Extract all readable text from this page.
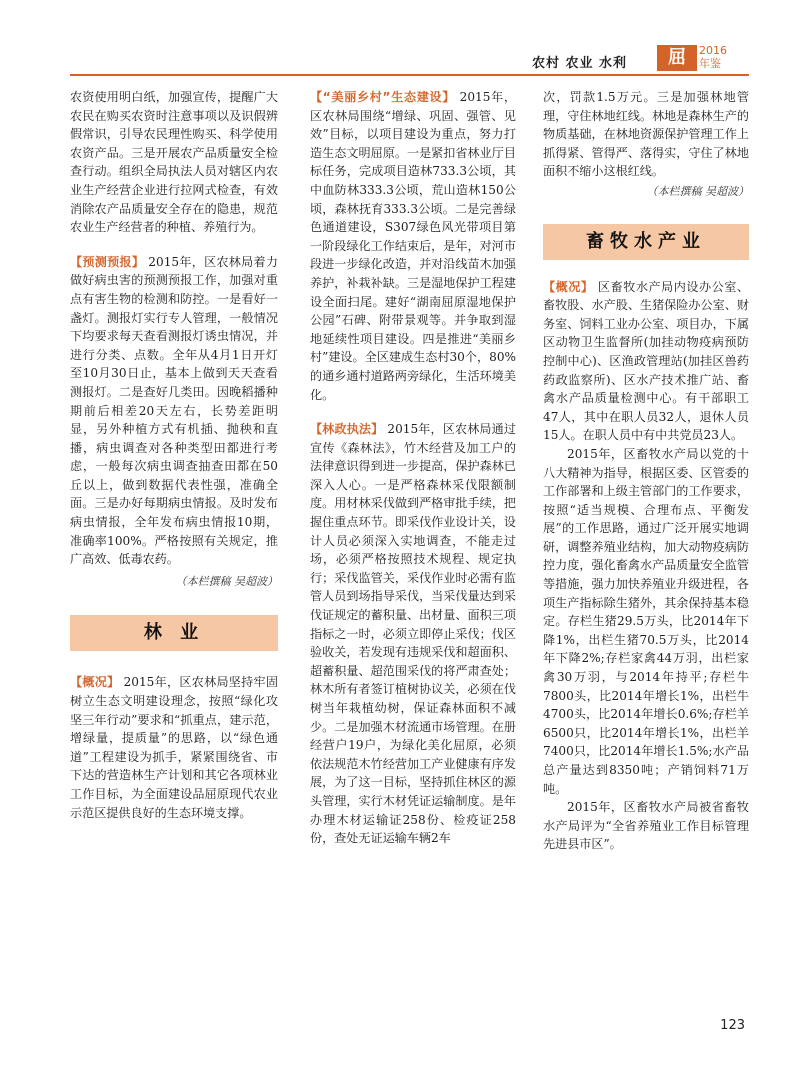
农村 农业 水利	屈	2016
年鉴

农资使用明白纸，加强宣传，提醒广大农民在购买农资时注意事项以及识假辨假常识，引导农民理性购买、科学使用农资产品。三是开展农产品质量安全检查行动。组织全局执法人员对辖区内农业生产经营企业进行拉网式检查，有效消除农产品质量安全存在的隐患，规范农业生产经营者的种植、养殖行为。

【预测预报】 2015年，区农林局着力做好病虫害的预测预报工作，加强对重点有害生物的检测和防控。一是看好一盏灯。测报灯实行专人管理，一般情况下均要求每天查看测报灯诱虫情况，并进行分类、点数。全年从4月1日开灯至10月30日止，基本上做到天天查看测报灯。二是查好几类田。因晚稻播种期前后相差20天左右，长势差距明显，另外种植方式有机插、抛秧和直播，病虫调查对各种类型田都进行考虑，一般每次病虫调查抽查田都在50丘以上，做到数据代表性强，准确全面。三是办好每期病虫情报。及时发布病虫情报，全年发布病虫情报10期，准确率100%。严格按照有关规定，推广高效、低毒农药。

（本栏撰稿 吴超波）

林 业

【概况】 2015年，区农林局坚持牢固树立生态文明建设理念，按照“绿化攻坚三年行动”要求和“抓重点，建示范，增绿量，提质量”的思路，以“绿色通道”工程建设为抓手，紧紧围绕省、市下达的营造林生产计划和其它各项林业工作目标，为全面建设品屈原现代农业示范区提供良好的生态环境支撑。

【“美丽乡村”生态建设】 2015年，区农林局围绕“增绿、巩固、强管、见效”目标，以项目建设为重点，努力打造生态文明屈原。一是紧扣省林业厅目标任务，完成项目造林733.3公顷，其中血防林333.3公顷，荒山造林150公顷，森林抚育333.3公顷。二是完善绿色通道建设，S307绿色风光带项目第一阶段绿化工作结束后，是年，对河市段进一步绿化改造，并对沿线苗木加强养护，补栽补缺。三是湿地保护工程建设全面扫尾。建好“湖南屈原湿地保护公园”石碑、附带景观等。并争取到湿地延续性项目建设。四是推进“美丽乡村”建设。全区建成生态村30个，80%的通乡通村道路两旁绿化，生活环境美化。

【林政执法】 2015年，区农林局通过宣传《森林法》，竹木经营及加工户的法律意识得到进一步提高，保护森林已深入人心。一是严格森林采伐限额制度。用材林采伐做到严格审批手续，把握住重点环节。即采伐作业设计关，设计人员必须深入实地调查，不能走过场，必须严格按照技术规程、规定执行；采伐监管关，采伐作业时必需有监管人员到场指导采伐，当采伐量达到采伐证规定的蓄积量、出材量、面积三项指标之一时，必须立即停止采伐；伐区验收关，若发现有违规采伐和超面积、超蓄积量、超范围采伐的将严肃查处；林木所有者签订植树协议关，必须在伐树当年栽植幼树，保证森林面积不减少。二是加强木材流通市场管理。在册经营户19户，为绿化美化屈原，必须依法规范木竹经营加工产业健康有序发展，为了这一目标，坚持抓住林区的源头管理，实行木材凭证运输制度。是年办理木材运输证258份、检疫证258份，查处无证运输车辆2车

次，罚款1.5万元。三是加强林地管理，守住林地红线。林地是森林生产的物质基础，在林地资源保护管理工作上抓得紧、管得严、落得实，守住了林地面积不缩小这根红线。

（本栏撰稿 吴超波）

畜牧水产业

【概况】 区畜牧水产局内设办公室、畜牧股、水产股、生猪保险办公室、财务室、饲料工业办公室、项目办，下属区动物卫生监督所(加挂动物疫病预防控制中心)、区渔政管理站(加挂区兽药药政监察所)、区水产技术推广站、畜禽水产品质量检测中心。有干部职工47人，其中在职人员32人，退休人员15人。在职人员中有中共党员23人。

2015年，区畜牧水产局以党的十八大精神为指导，根据区委、区管委的工作部署和上级主管部门的工作要求，按照“适当规模、合理布点、平衡发展”的工作思路，通过广泛开展实地调研，调整养殖业结构，加大动物疫病防控力度，强化畜禽水产品质量安全监管等措施，强力加快养殖业升级进程，各项生产指标除生猪外，其余保持基本稳定。存栏生猪29.5万头，比2014年下降1%，出栏生猪70.5万头，比2014年下降2%;存栏家禽44万羽，出栏家禽30万羽，与2014年持平;存栏牛7800头，比2014年增长1%，出栏牛4700头，比2014年增长0.6%;存栏羊6500只，比2014年增长1%，出栏羊7400只，比2014年增长1.5%;水产品总产量达到8350吨；产销饲料71万吨。

2015年，区畜牧水产局被省畜牧水产局评为“全省养殖业工作目标管理先进县市区”。

123
